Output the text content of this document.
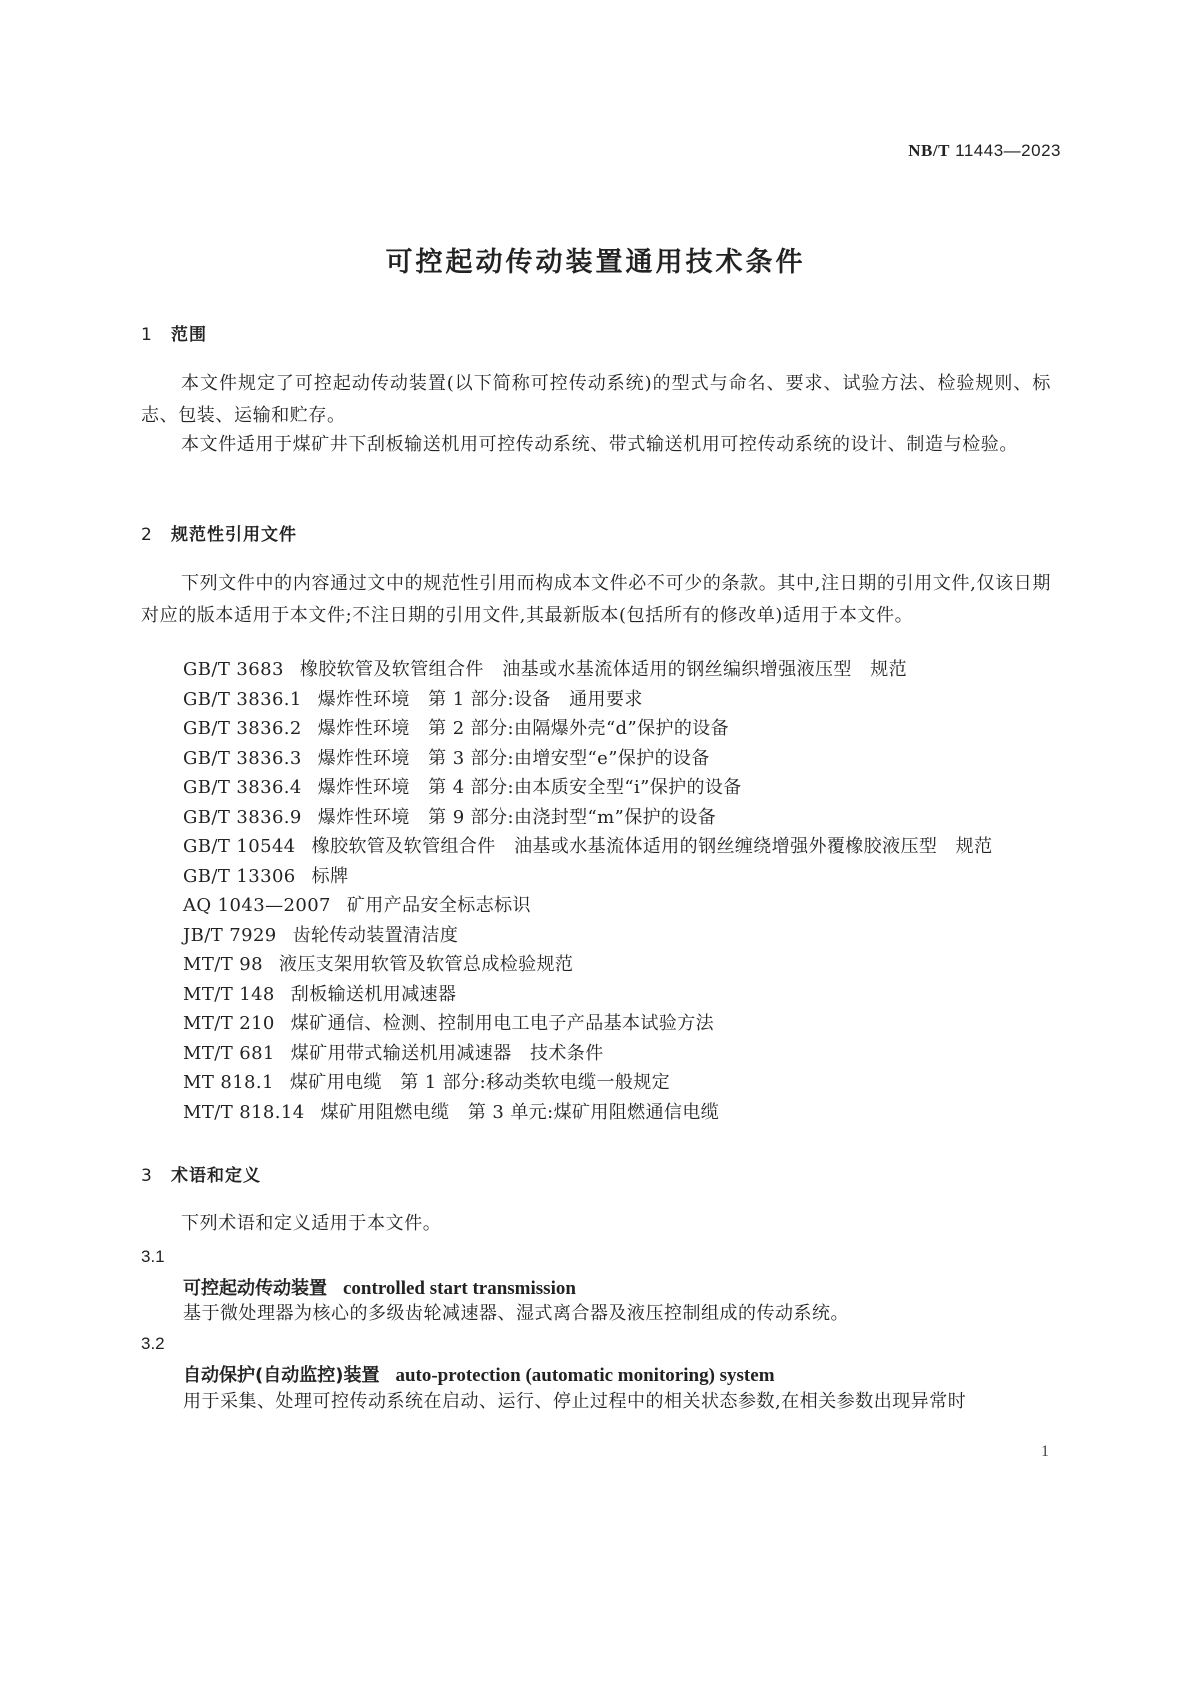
NB/T 11443—2023
可控起动传动装置通用技术条件
1 范围

本文件规定了可控起动传动装置(以下简称可控传动系统)的型式与命名、要求、试验方法、检验规则、标志、包装、运输和贮存。

本文件适用于煤矿井下刮板输送机用可控传动系统、带式输送机用可控传动系统的设计、制造与检验。

2 规范性引用文件

下列文件中的内容通过文中的规范性引用而构成本文件必不可少的条款。其中,注日期的引用文件,仅该日期对应的版本适用于本文件;不注日期的引用文件,其最新版本(包括所有的修改单)适用于本文件。

GB/T 3683 橡胶软管及软管组合件　油基或水基流体适用的钢丝编织增强液压型　规范
GB/T 3836.1 爆炸性环境　第 1 部分:设备　通用要求
GB/T 3836.2 爆炸性环境　第 2 部分:由隔爆外壳“d”保护的设备
GB/T 3836.3 爆炸性环境　第 3 部分:由增安型“e”保护的设备
GB/T 3836.4 爆炸性环境　第 4 部分:由本质安全型“i”保护的设备
GB/T 3836.9 爆炸性环境　第 9 部分:由浇封型“m”保护的设备
GB/T 10544 橡胶软管及软管组合件　油基或水基流体适用的钢丝缠绕增强外覆橡胶液压型　规范
GB/T 13306 标牌
AQ 1043—2007 矿用产品安全标志标识
JB/T 7929 齿轮传动装置清洁度
MT/T 98 液压支架用软管及软管总成检验规范
MT/T 148 刮板输送机用减速器
MT/T 210 煤矿通信、检测、控制用电工电子产品基本试验方法
MT/T 681 煤矿用带式输送机用减速器　技术条件
MT 818.1 煤矿用电缆　第 1 部分:移动类软电缆一般规定
MT/T 818.14 煤矿用阻燃电缆　第 3 单元:煤矿用阻燃通信电缆
3 术语和定义

下列术语和定义适用于本文件。

3.1
可控起动传动装置 controlled start transmission
基于微处理器为核心的多级齿轮减速器、湿式离合器及液压控制组成的传动系统。
3.2
自动保护(自动监控)装置 auto-protection (automatic monitoring) system
用于采集、处理可控传动系统在启动、运行、停止过程中的相关状态参数,在相关参数出现异常时
1
